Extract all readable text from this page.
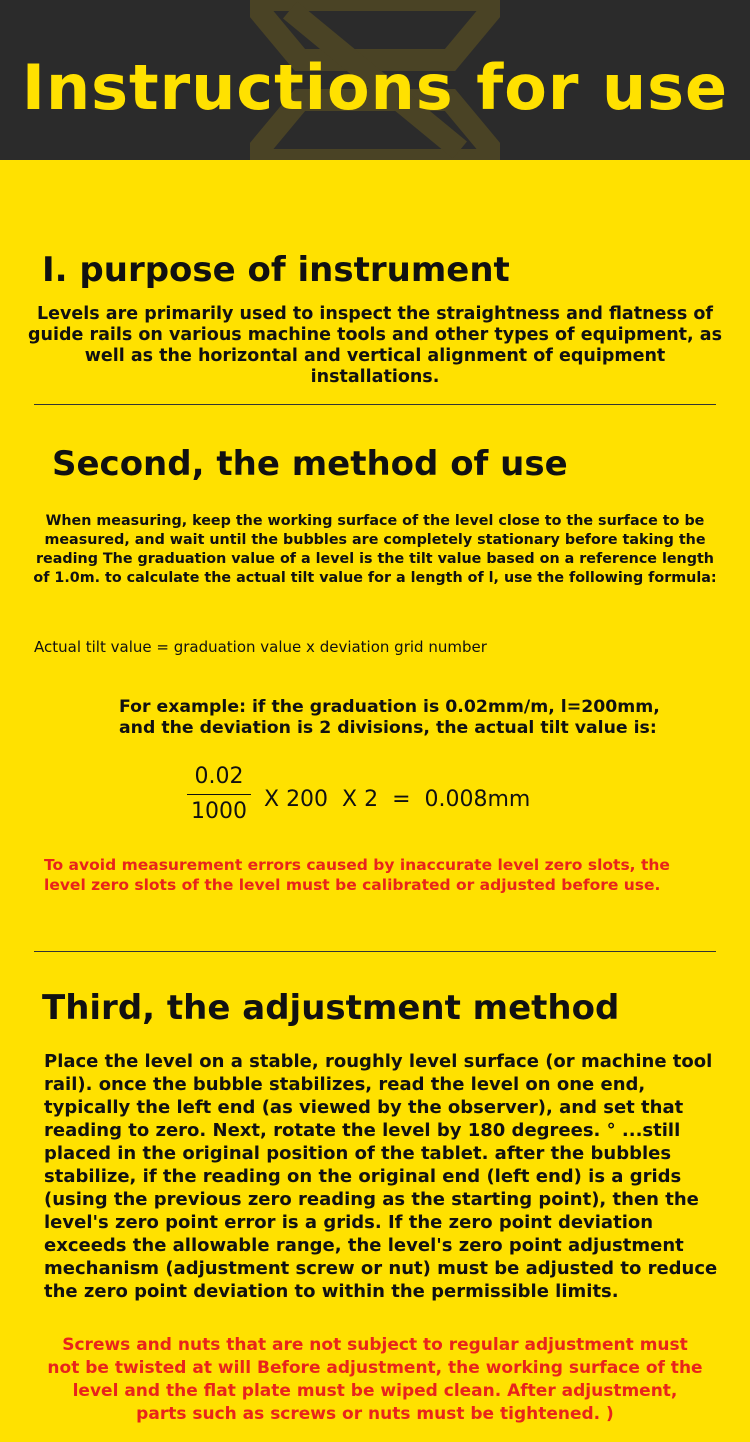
Instructions for use
I. purpose of instrument
Levels are primarily used to inspect the straightness and flatness of guide rails on various machine tools and other types of equipment, as well as the horizontal and vertical alignment of equipment installations.
Second, the method of use
When measuring, keep the working surface of the level close to the surface to be measured, and wait until the bubbles are completely stationary before taking the reading The graduation value of a level is the tilt value based on a reference length of 1.0m. to calculate the actual tilt value for a length of l, use the following formula:
Actual tilt value = graduation value x deviation grid number
For example: if the graduation is 0.02mm/m, l=200mm, and the deviation is 2 divisions, the actual tilt value is:
0.02
1000 X 200  X 2  =  0.008mm
To avoid measurement errors caused by inaccurate level zero slots, the level zero slots of the level must be calibrated or adjusted before use.
Third, the adjustment method
Place the level on a stable, roughly level surface (or machine tool rail). once the bubble stabilizes, read the level on one end, typically the left end (as viewed by the observer), and set that reading to zero. Next, rotate the level by 180 degrees. ° ...still placed in the original position of the tablet. after the bubbles stabilize, if the reading on the original end (left end) is a grids (using the previous zero reading as the starting point), then the level's zero point error is a grids. If the zero point deviation exceeds the allowable range, the level's zero point adjustment mechanism (adjustment screw or nut) must be adjusted to reduce the zero point deviation to within the permissible limits.
Screws and nuts that are not subject to regular adjustment must not be twisted at will Before adjustment, the working surface of the level and the flat plate must be wiped clean. After adjustment, parts such as screws or nuts must be tightened. )
